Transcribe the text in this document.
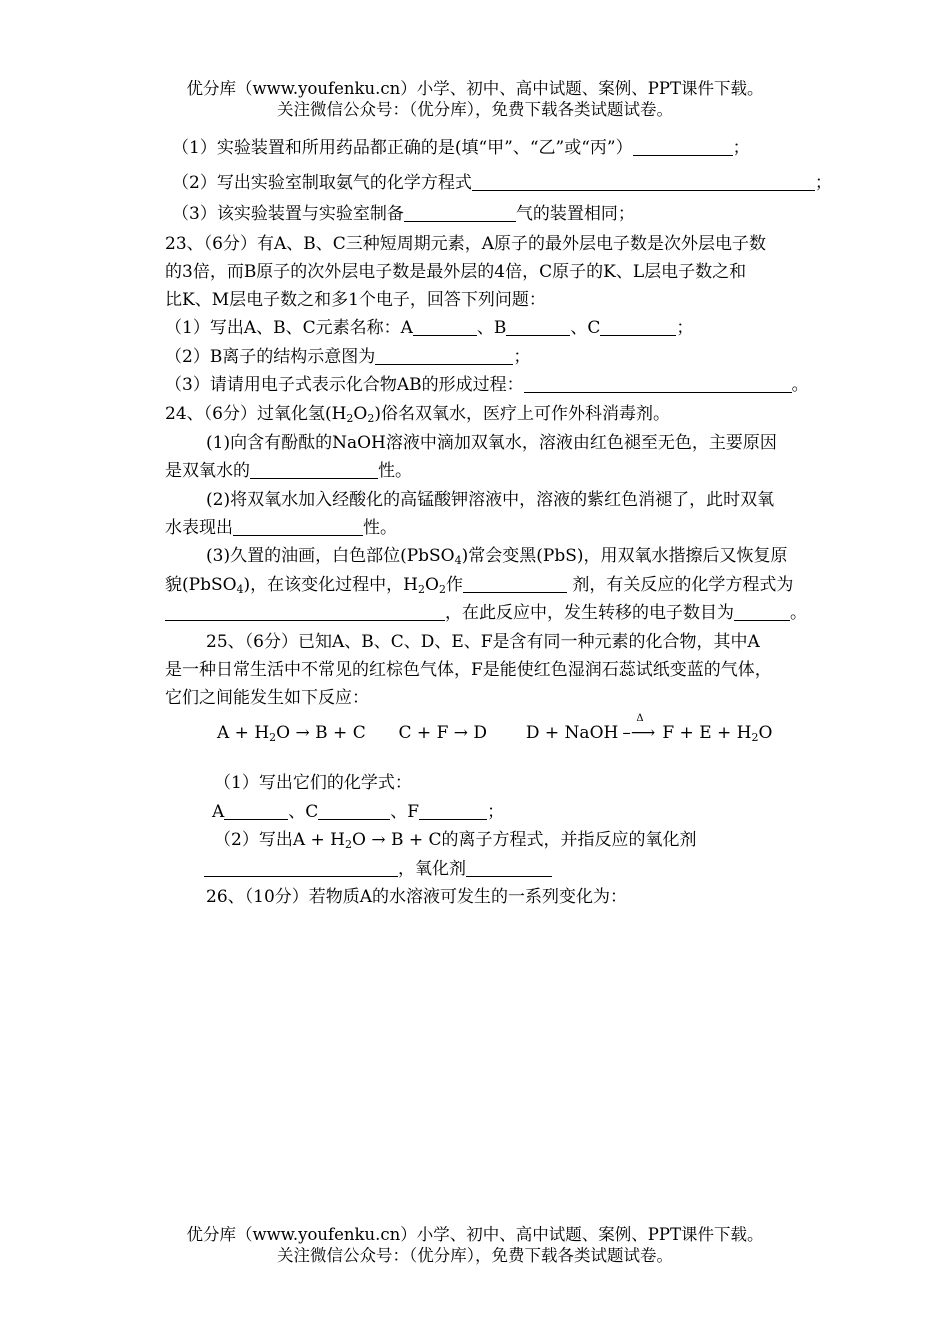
优分库（www.youfenku.cn）小学、初中、高中试题、案例、PPT课件下载。
关注微信公众号：（优分库），免费下载各类试题试卷。
（1）实验装置和所用药品都正确的是(填“甲”、“乙”或“丙”）	；
（2）写出实验室制取氨气的化学方程式	；
（3）该实验装置与实验室制备	气的装置相同；
23、（6分）有A、B、C三种短周期元素，A原子的最外层电子数是次外层电子数
的3倍，而B原子的次外层电子数是最外层的4倍，C原子的K、L层电子数之和
比K、M层电子数之和多1个电子，回答下列问题：
（1）写出A、B、C元素名称：A	、B	、C	；
（2）B离子的结构示意图为	；
（3）请请用电子式表示化合物AB的形成过程：	。
24、（6分）过氧化氢$(H_2O_2)$俗名双氧水，医疗上可作外科消毒剂。
(1)向含有酚酞的NaOH溶液中滴加双氧水，溶液由红色褪至无色，主要原因
是双氧水的	性。
(2)将双氧水加入经酸化的高锰酸钾溶液中，溶液的紫红色消褪了，此时双氧
水表现出	性。
(3)久置的油画，白色部位(PbSO$_4$)常会变黑(PbS)，用双氧水揩擦后又恢复原
貌(PbSO$_4$)，在该变化过程中，$H_2O_2$作	剂，有关反应的化学方程式为
，在此反应中，发生转移的电子数目为	。
25、（6分）已知A、B、C、D、E、F是含有同一种元素的化合物，其中A
是一种日常生活中不常见的红棕色气体，F是能使红色湿润石蕊试纸变蓝的气体，
它们之间能发生如下反应：
$A + H_2O \to B + C$ C + F → D D + NaOH
Δ
–⟶ $F + E + H_2O$
（1）写出它们的化学式：
A	、C	、F	；
（2）写出$A + H_2O \to B + C$的离子方程式，并指反应的氧化剂
，氧化剂
26、（10分）若物质A的水溶液可发生的一系列变化为：
优分库（www.youfenku.cn）小学、初中、高中试题、案例、PPT课件下载。
关注微信公众号：（优分库），免费下载各类试题试卷。
